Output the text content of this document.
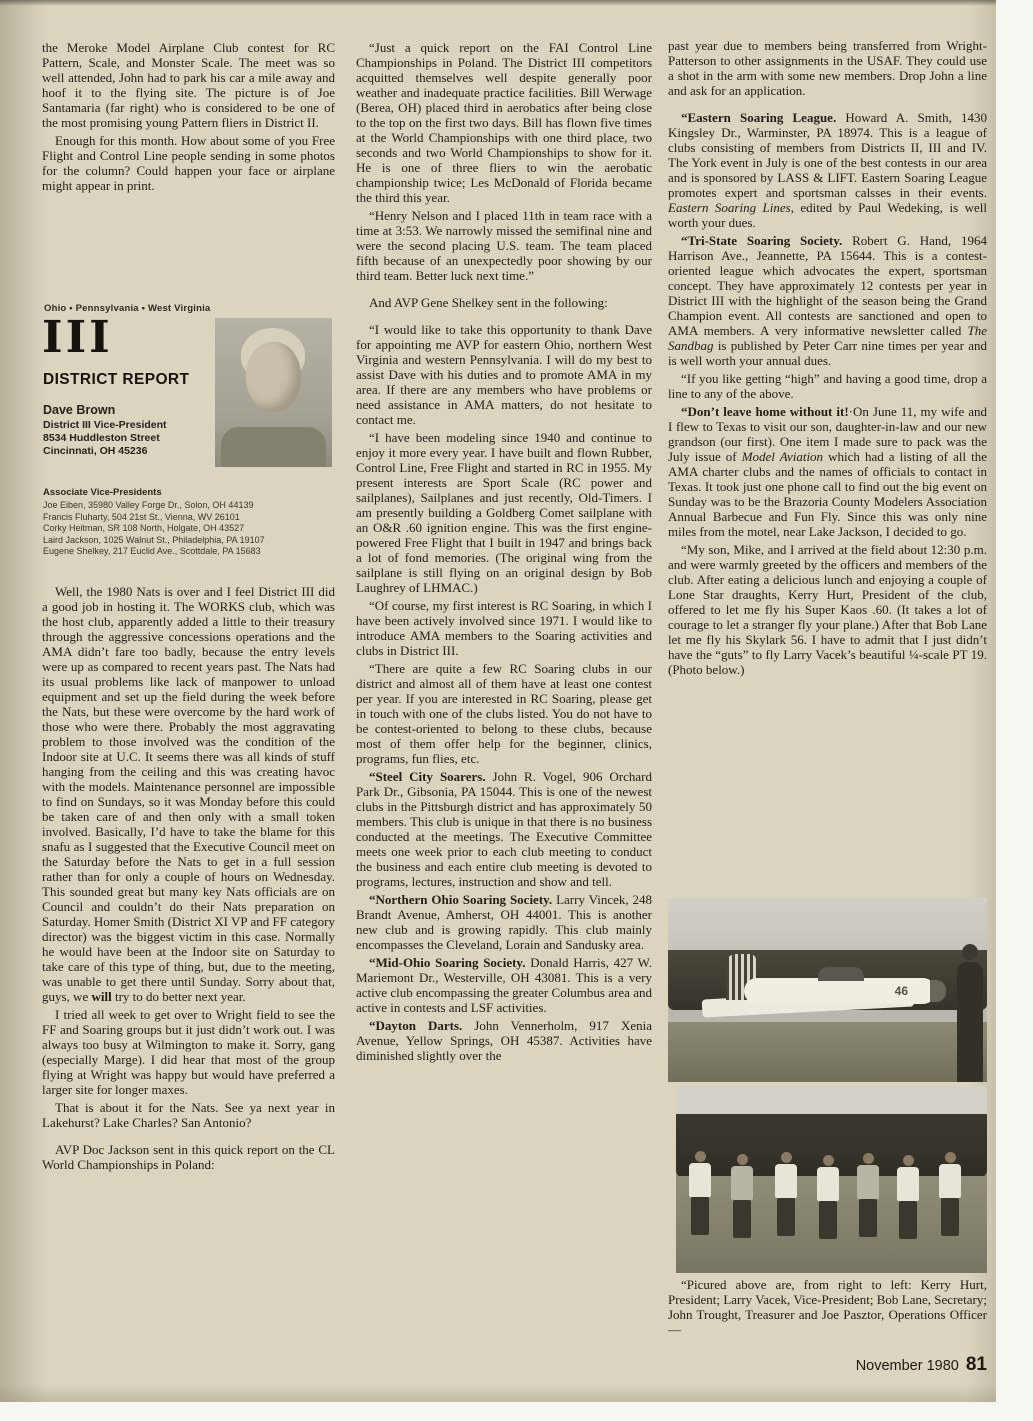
the Meroke Model Airplane Club contest for RC Pattern, Scale, and Monster Scale. The meet was so well attended, John had to park his car a mile away and hoof it to the flying site. The picture is of Joe Santamaria (far right) who is considered to be one of the most promising young Pattern fliers in District II.

Enough for this month. How about some of you Free Flight and Control Line people sending in some photos for the column? Could happen your face or airplane might appear in print.

Ohio • Pennsylvania • West Virginia
III
DISTRICT REPORT
Dave Brown
District III Vice-President
8534 Huddleston Street
Cincinnati, OH 45236
Associate Vice-Presidents
Joe Eiben, 35980 Valley Forge Dr., Solon, OH 44139
Francis Fluharty, 504 21st St., Vienna, WV 26101
Corky Heitman, SR 108 North, Holgate, OH 43527
Laird Jackson, 1025 Walnut St., Philadelphia, PA 19107
Eugene Shelkey, 217 Euclid Ave., Scottdale, PA 15683

Well, the 1980 Nats is over and I feel District III did a good job in hosting it. The WORKS club, which was the host club, apparently added a little to their treasury through the aggressive concessions operations and the AMA didn’t fare too badly, because the entry levels were up as compared to recent years past. The Nats had its usual problems like lack of manpower to unload equipment and set up the field during the week before the Nats, but these were overcome by the hard work of those who were there. Probably the most aggravating problem to those involved was the condition of the Indoor site at U.C. It seems there was all kinds of stuff hanging from the ceiling and this was creating havoc with the models. Maintenance personnel are impossible to find on Sundays, so it was Monday before this could be taken care of and then only with a small token involved. Basically, I’d have to take the blame for this snafu as I suggested that the Executive Council meet on the Saturday before the Nats to get in a full session rather than for only a couple of hours on Wednesday. This sounded great but many key Nats officials are on Council and couldn’t do their Nats preparation on Saturday. Homer Smith (District XI VP and FF category director) was the biggest victim in this case. Normally he would have been at the Indoor site on Saturday to take care of this type of thing, but, due to the meeting, was unable to get there until Sunday. Sorry about that, guys, we will try to do better next year.

I tried all week to get over to Wright field to see the FF and Soaring groups but it just didn’t work out. I was always too busy at Wilmington to make it. Sorry, gang (especially Marge). I did hear that most of the group flying at Wright was happy but would have preferred a larger site for longer maxes.

That is about it for the Nats. See ya next year in Lakehurst? Lake Charles? San Antonio?

AVP Doc Jackson sent in this quick report on the CL World Championships in Poland:

“Just a quick report on the FAI Control Line Championships in Poland. The District III competitors acquitted themselves well despite generally poor weather and inadequate practice facilities. Bill Werwage (Berea, OH) placed third in aerobatics after being close to the top on the first two days. Bill has flown five times at the World Championships with one third place, two seconds and two World Championships to show for it. He is one of three fliers to win the aerobatic championship twice; Les McDonald of Florida became the third this year.

“Henry Nelson and I placed 11th in team race with a time at 3:53. We narrowly missed the semifinal nine and were the second placing U.S. team. The team placed fifth because of an unexpectedly poor showing by our third team. Better luck next time.”

And AVP Gene Shelkey sent in the following:

“I would like to take this opportunity to thank Dave for appointing me AVP for eastern Ohio, northern West Virginia and western Pennsylvania. I will do my best to assist Dave with his duties and to promote AMA in my area. If there are any members who have problems or need assistance in AMA matters, do not hesitate to contact me.

“I have been modeling since 1940 and continue to enjoy it more every year. I have built and flown Rubber, Control Line, Free Flight and started in RC in 1955. My present interests are Sport Scale (RC power and sailplanes), Sailplanes and just recently, Old-Timers. I am presently building a Goldberg Comet sailplane with an O&R .60 ignition engine. This was the first engine-powered Free Flight that I built in 1947 and brings back a lot of fond memories. (The original wing from the sailplane is still flying on an original design by Bob Laughrey of LHMAC.)

“Of course, my first interest is RC Soaring, in which I have been actively involved since 1971. I would like to introduce AMA members to the Soaring activities and clubs in District III.

“There are quite a few RC Soaring clubs in our district and almost all of them have at least one contest per year. If you are interested in RC Soaring, please get in touch with one of the clubs listed. You do not have to be contest-oriented to belong to these clubs, because most of them offer help for the beginner, clinics, programs, fun flies, etc.

“Steel City Soarers. John R. Vogel, 906 Orchard Park Dr., Gibsonia, PA 15044. This is one of the newest clubs in the Pittsburgh district and has approximately 50 members. This club is unique in that there is no business conducted at the meetings. The Executive Committee meets one week prior to each club meeting to conduct the business and each entire club meeting is devoted to programs, lectures, instruction and show and tell.

“Northern Ohio Soaring Society. Larry Vincek, 248 Brandt Avenue, Amherst, OH 44001. This is another new club and is growing rapidly. This club mainly encompasses the Cleveland, Lorain and Sandusky area.

“Mid-Ohio Soaring Society. Donald Harris, 427 W. Mariemont Dr., Westerville, OH 43081. This is a very active club encompassing the greater Columbus area and active in contests and LSF activities.

“Dayton Darts. John Vennerholm, 917 Xenia Avenue, Yellow Springs, OH 45387. Activities have diminished slightly over the

past year due to members being transferred from Wright-Patterson to other assignments in the USAF. They could use a shot in the arm with some new members. Drop John a line and ask for an application.

“Eastern Soaring League. Howard A. Smith, 1430 Kingsley Dr., Warminster, PA 18974. This is a league of clubs consisting of members from Districts II, III and IV. The York event in July is one of the best contests in our area and is sponsored by LASS & LIFT. Eastern Soaring League promotes expert and sportsman calsses in their events. Eastern Soaring Lines, edited by Paul Wedeking, is well worth your dues.

“Tri-State Soaring Society. Robert G. Hand, 1964 Harrison Ave., Jeannette, PA 15644. This is a contest-oriented league which advocates the expert, sportsman concept. They have approximately 12 contests per year in District III with the highlight of the season being the Grand Champion event. All contests are sanctioned and open to AMA members. A very informative newsletter called The Sandbag is published by Peter Carr nine times per year and is well worth your annual dues.

“If you like getting “high” and having a good time, drop a line to any of the above.

“Don’t leave home without it!·On June 11, my wife and I flew to Texas to visit our son, daughter-in-law and our new grandson (our first). One item I made sure to pack was the July issue of Model Aviation which had a listing of all the AMA charter clubs and the names of officials to contact in Texas. It took just one phone call to find out the big event on Sunday was to be the Brazoria County Modelers Association Annual Barbecue and Fun Fly. Since this was only nine miles from the motel, near Lake Jackson, I decided to go.

“My son, Mike, and I arrived at the field about 12:30 p.m. and were warmly greeted by the officers and members of the club. After eating a delicious lunch and enjoying a couple of Lone Star draughts, Kerry Hurt, President of the club, offered to let me fly his Super Kaos .60. (It takes a lot of courage to let a stranger fly your plane.) After that Bob Lane let me fly his Skylark 56. I have to admit that I just didn’t have the “guts” to fly Larry Vacek’s beautiful ¼-scale PT 19. (Photo below.)

46

“Picured above are, from right to left: Kerry Hurt, President; Larry Vacek, Vice-President; Bob Lane, Secretary; John Trought, Treasurer and Joe Pasztor, Operations Officer—

November 1980 81
